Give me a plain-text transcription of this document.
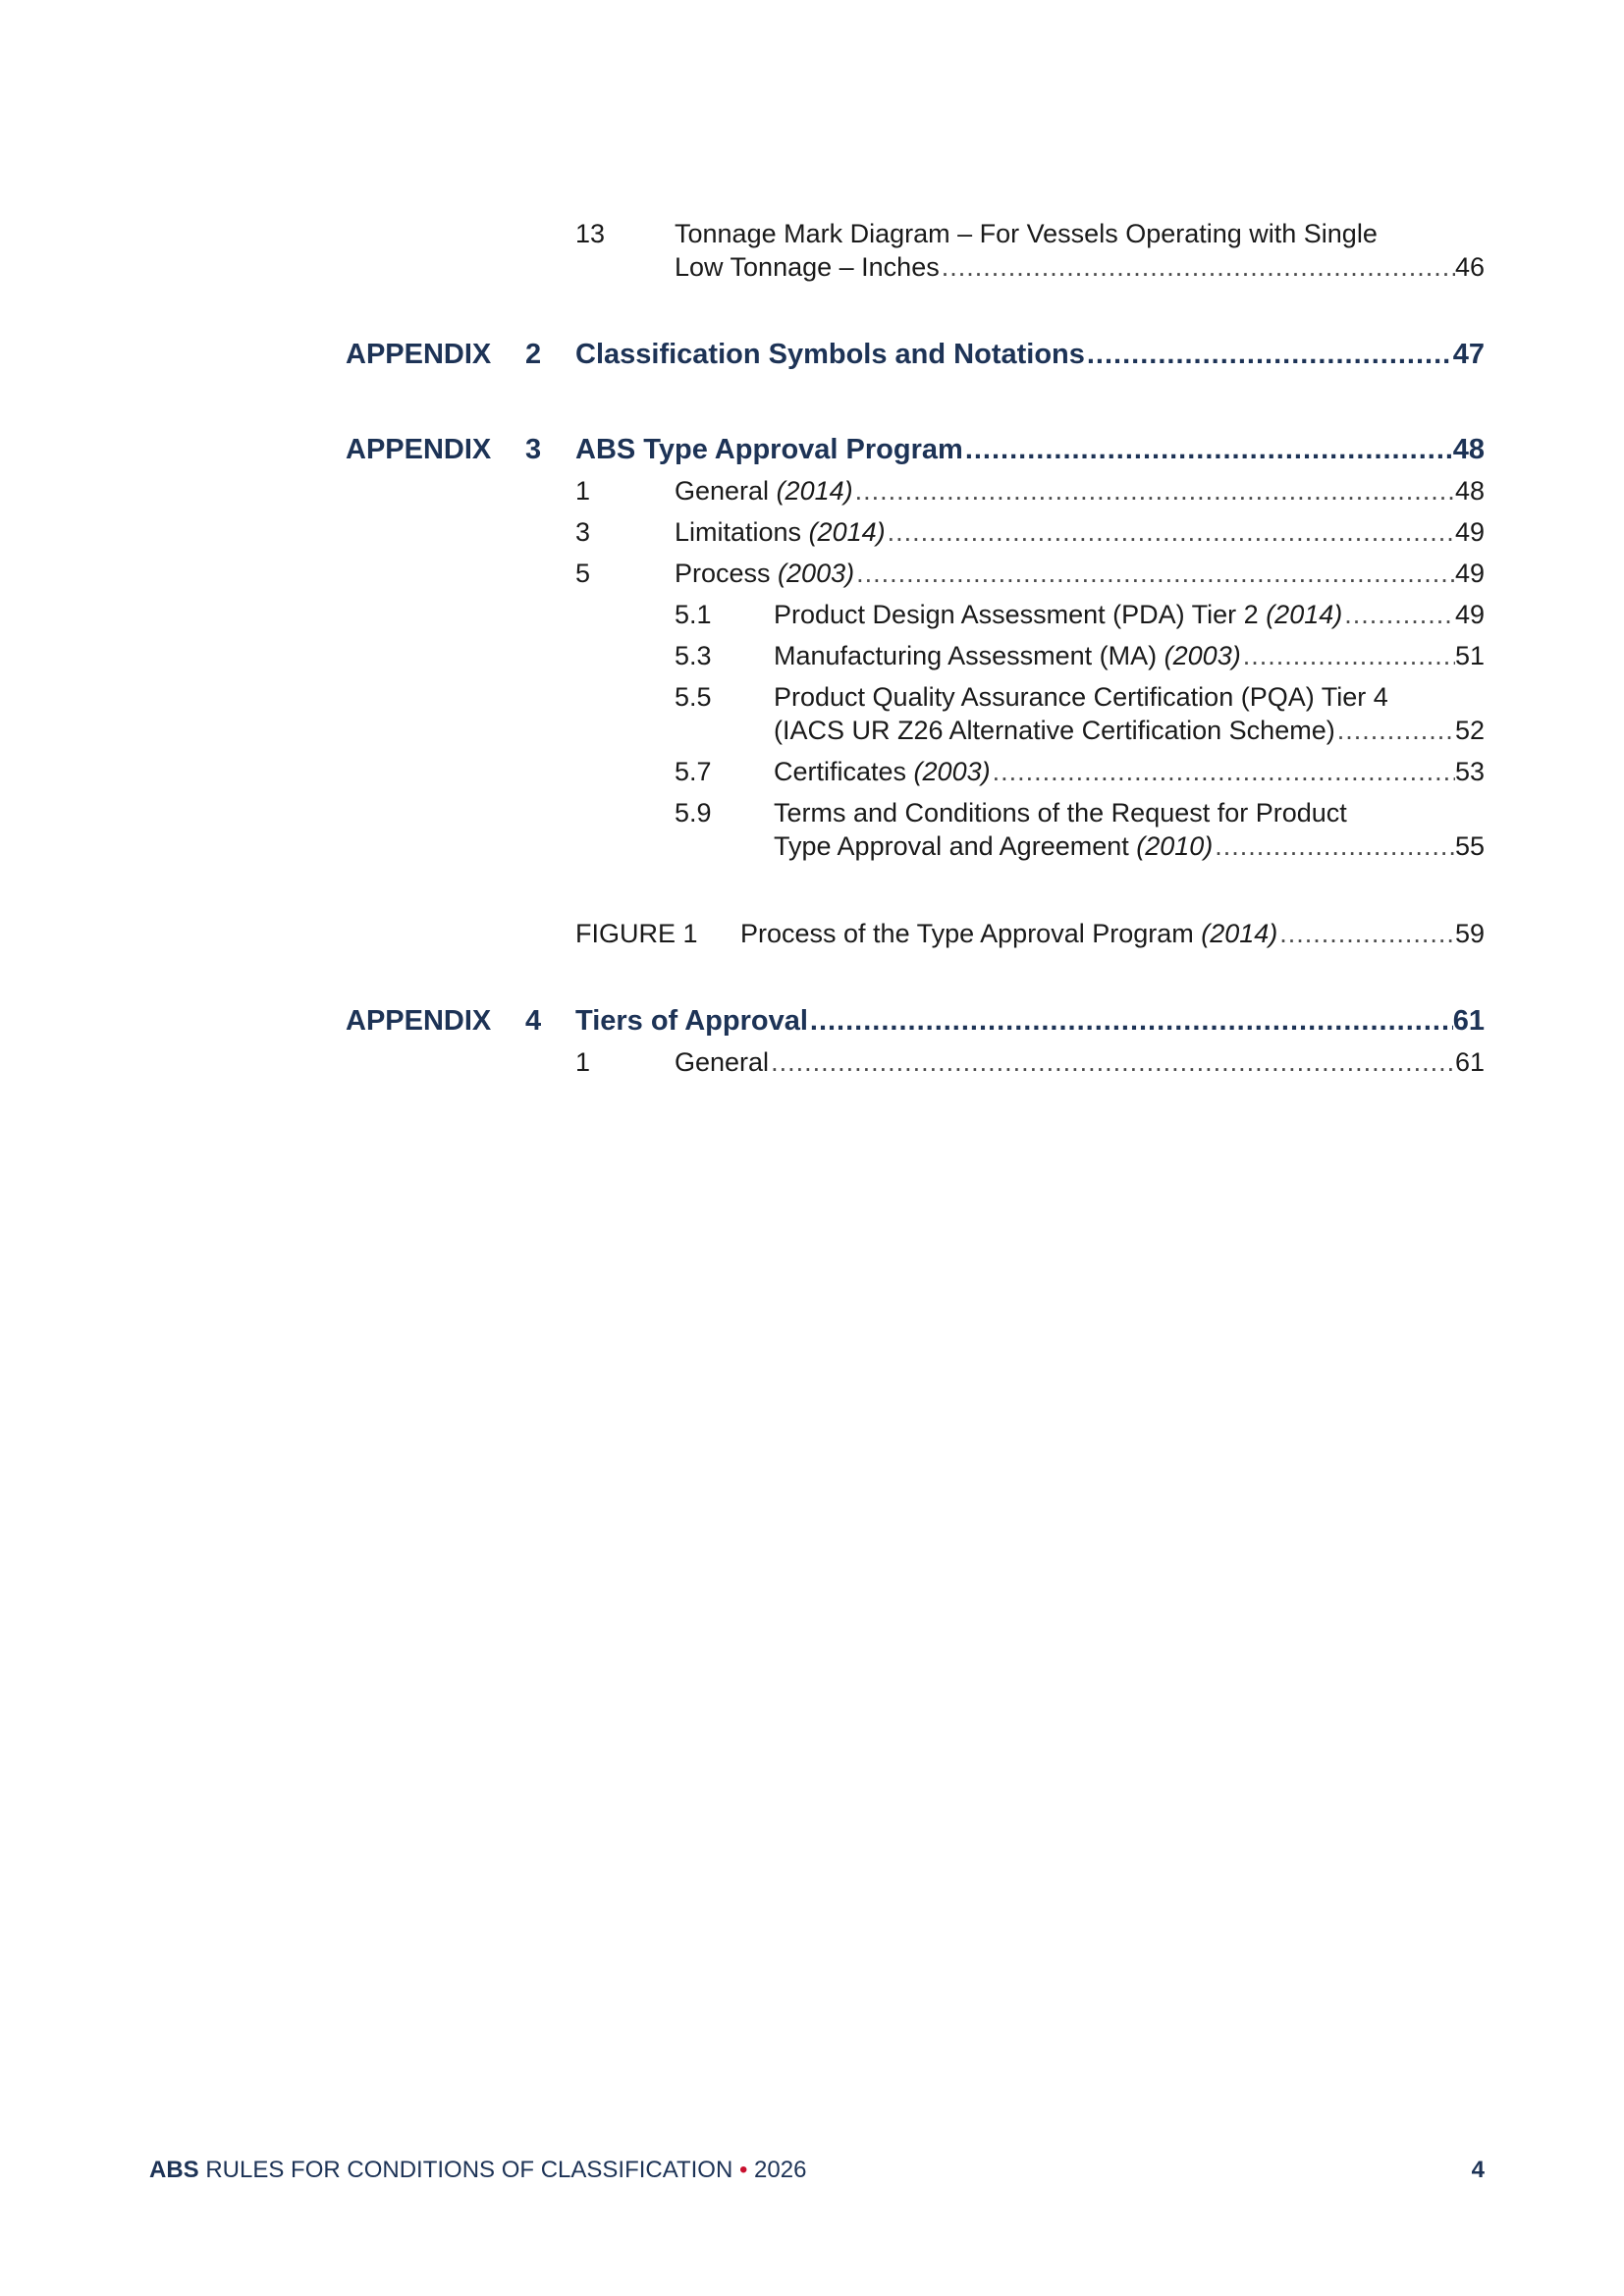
13	Tonnage Mark Diagram – For Vessels Operating with Single
Low Tonnage – Inches .....	46
APPENDIX 2 Classification Symbols and Notations .....	47
APPENDIX 3 ABS Type Approval Program .....	48
1	General (2014) .....	48
3	Limitations (2014) .....	49
5	Process (2003) .....	49
5.1 Product Design Assessment (PDA) Tier 2 (2014) .....	49
5.3 Manufacturing Assessment (MA) (2003) .....	51
5.5 Product Quality Assurance Certification (PQA) Tier 4
(IACS UR Z26 Alternative Certification Scheme) .....	52
5.7 Certificates (2003) .....	53
5.9 Terms and Conditions of the Request for Product
Type Approval and Agreement (2010) .....	55
FIGURE 1 Process of the Type Approval Program (2014) .....	59
APPENDIX 4 Tiers of Approval .....	61
1	General .....	61
ABS RULES FOR CONDITIONS OF CLASSIFICATION • 2026	4
